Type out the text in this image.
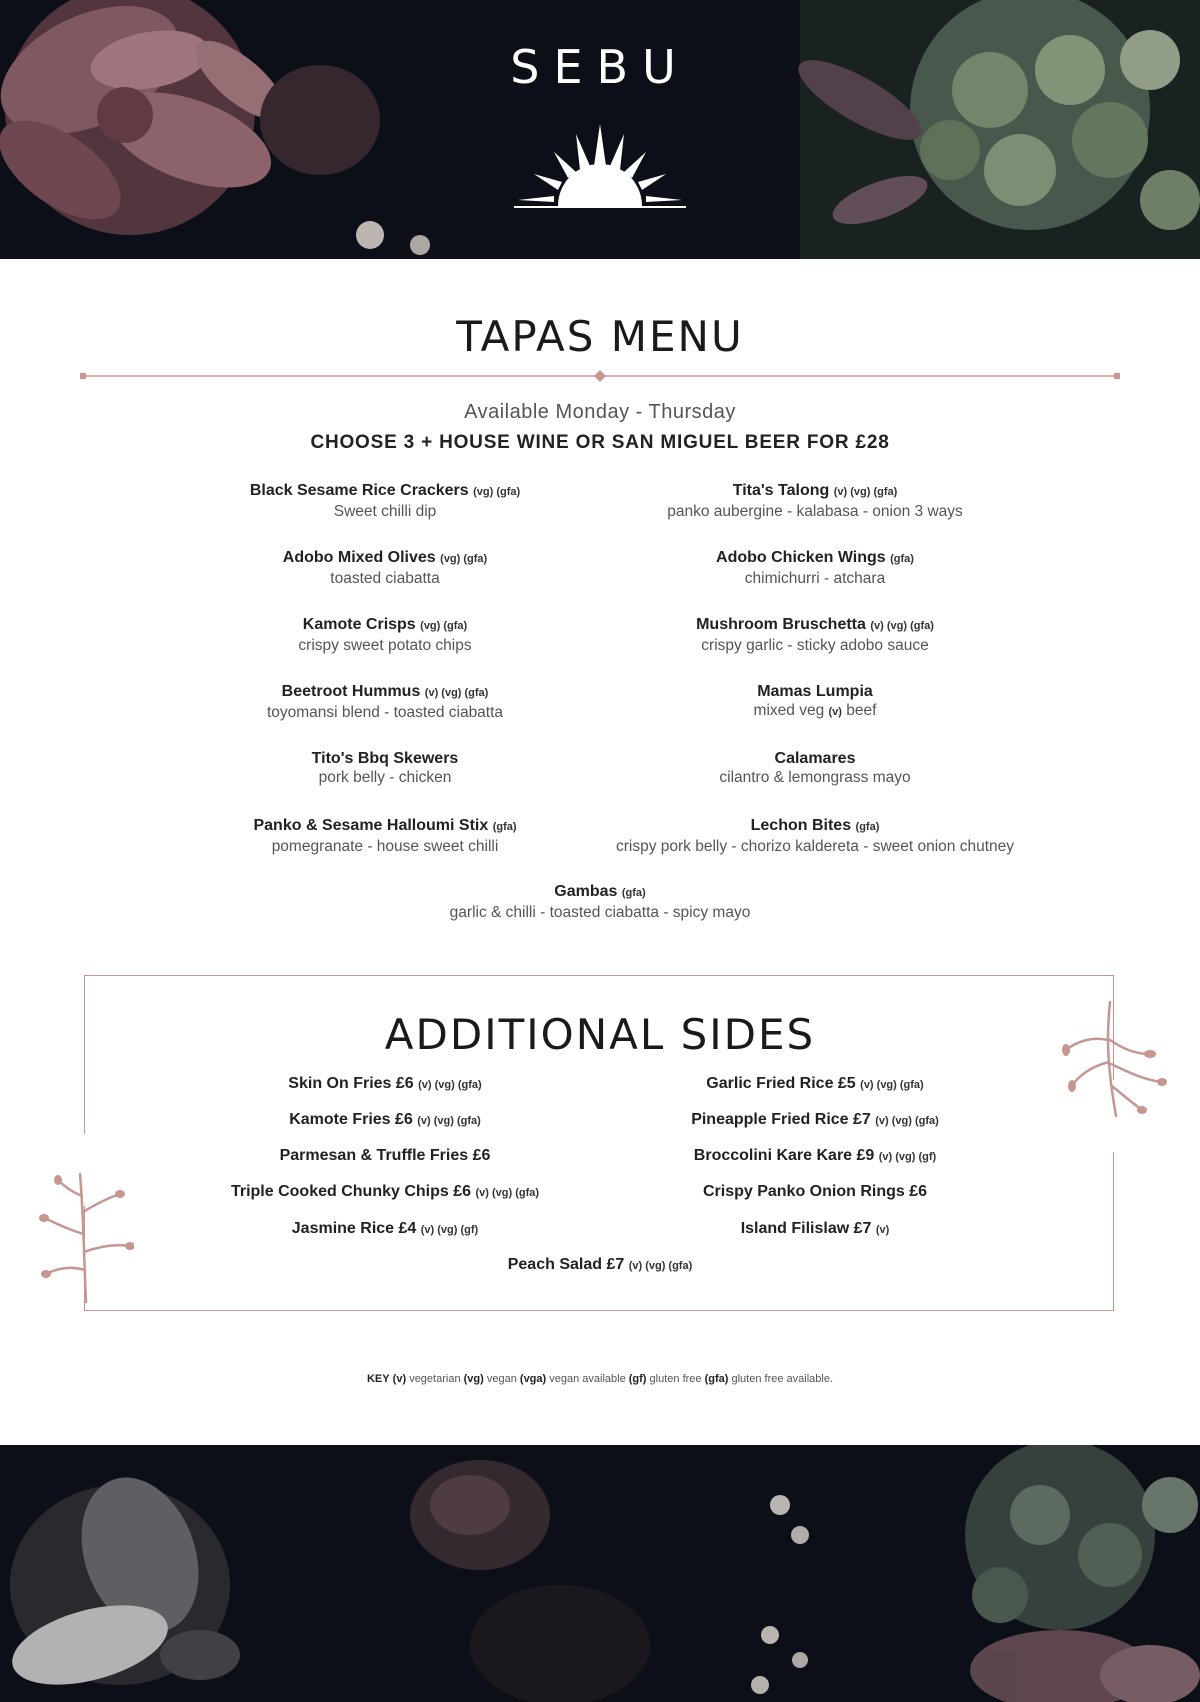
SEBU
TAPAS MENU
Available Monday - Thursday
CHOOSE 3 + HOUSE WINE OR SAN MIGUEL BEER FOR £28
Black Sesame Rice Crackers (vg) (gfa)
Sweet chilli dip
Adobo Mixed Olives (vg) (gfa)
toasted ciabatta
Kamote Crisps (vg) (gfa)
crispy sweet potato chips
Beetroot Hummus (v) (vg) (gfa)
toyomansi blend - toasted ciabatta
Tito's Bbq Skewers
pork belly - chicken
Panko & Sesame Halloumi Stix (gfa)
pomegranate - house sweet chilli
Tita's Talong (v) (vg) (gfa)
panko aubergine - kalabasa - onion 3 ways
Adobo Chicken Wings (gfa)
chimichurri - atchara
Mushroom Bruschetta (v) (vg) (gfa)
crispy garlic - sticky adobo sauce
Mamas Lumpia
mixed veg (v) beef
Calamares
cilantro & lemongrass mayo
Lechon Bites (gfa)
crispy pork belly - chorizo kaldereta - sweet onion chutney
Gambas (gfa)
garlic & chilli - toasted ciabatta - spicy mayo
ADDITIONAL SIDES
Skin On Fries £6 (v) (vg) (gfa)
Kamote Fries £6 (v) (vg) (gfa)
Parmesan & Truffle Fries £6
Triple Cooked Chunky Chips £6 (v) (vg) (gfa)
Jasmine Rice £4 (v) (vg) (gf)
Garlic Fried Rice £5 (v) (vg) (gfa)
Pineapple Fried Rice £7 (v) (vg) (gfa)
Broccolini Kare Kare £9 (v) (vg) (gf)
Crispy Panko Onion Rings £6
Island Filislaw £7 (v)
Peach Salad £7 (v) (vg) (gfa)
KEY (v) vegetarian (vg) vegan (vga) vegan available (gf) gluten free (gfa) gluten free available.
